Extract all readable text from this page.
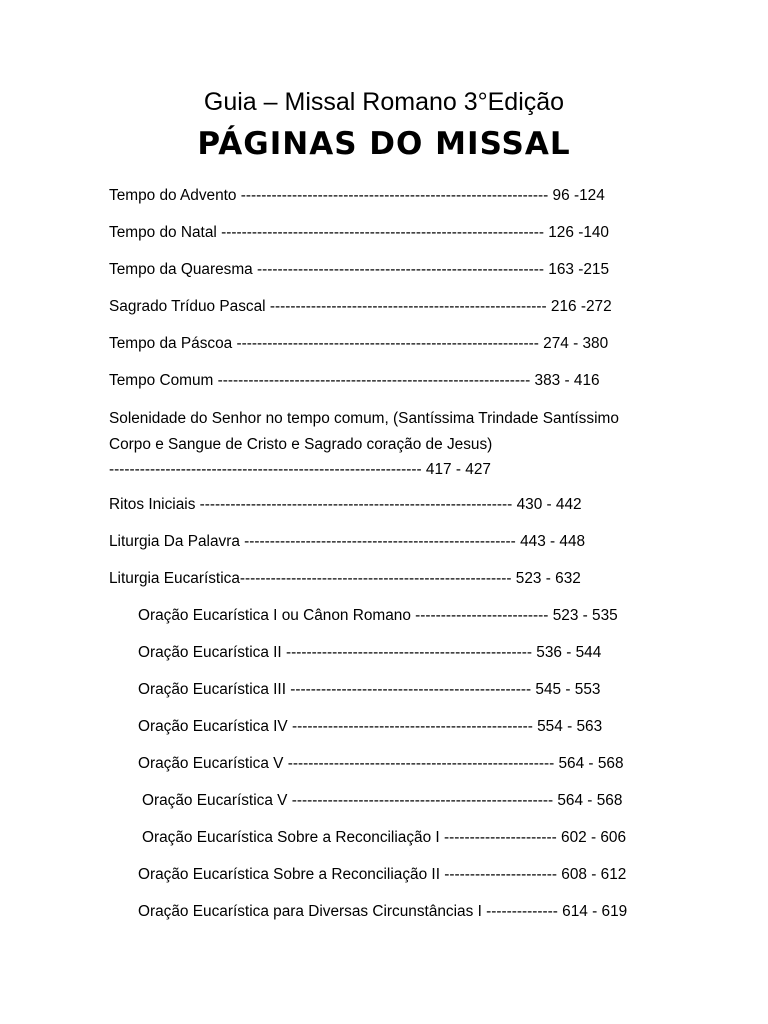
Guia – Missal Romano 3°Edição
PÁGINAS DO MISSAL
Tempo do Advento ------------------------------------------------------------ 96 -124
Tempo do Natal --------------------------------------------------------------- 126 -140
Tempo da Quaresma -------------------------------------------------------- 163 -215
Sagrado Tríduo Pascal ------------------------------------------------------ 216 -272
Tempo da Páscoa ----------------------------------------------------------- 274 - 380
Tempo Comum ------------------------------------------------------------- 383 - 416
Solenidade do Senhor no tempo comum, (Santíssima Trindade Santíssimo
Corpo e Sangue de Cristo e Sagrado coração de Jesus)
------------------------------------------------------------- 417 - 427
Ritos Iniciais ------------------------------------------------------------- 430 - 442
Liturgia Da Palavra ----------------------------------------------------- 443 - 448
Liturgia Eucarística----------------------------------------------------- 523 - 632
Oração Eucarística I ou Cânon Romano -------------------------- 523 - 535
Oração Eucarística II ------------------------------------------------ 536 - 544
Oração Eucarística III ----------------------------------------------- 545 - 553
Oração Eucarística IV ----------------------------------------------- 554 - 563
Oração Eucarística V ---------------------------------------------------- 564 - 568
Oração Eucarística V --------------------------------------------------- 564 - 568
Oração Eucarística Sobre a Reconciliação I ---------------------- 602 - 606
Oração Eucarística Sobre a Reconciliação II ---------------------- 608 - 612
Oração Eucarística para Diversas Circunstâncias I -------------- 614 - 619
